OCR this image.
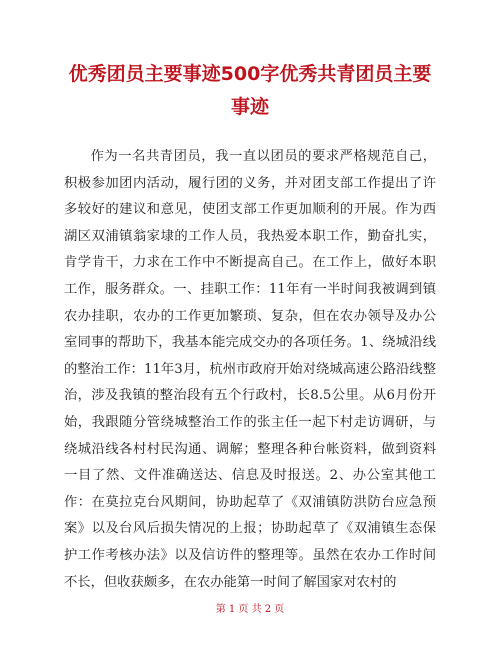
优秀团员主要事迹500字优秀共青团员主要事迹

作为一名共青团员，我一直以团员的要求严格规范自己，积极参加团内活动，履行团的义务，并对团支部工作提出了许多较好的建议和意见，使团支部工作更加顺利的开展。作为西湖区双浦镇翁家埭的工作人员，我热爱本职工作，勤奋扎实，肯学肯干，力求在工作中不断提高自己。在工作上，做好本职工作，服务群众。一、挂职工作：11年有一半时间我被调到镇农办挂职，农办的工作更加繁琐、复杂，但在农办领导及办公室同事的帮助下，我基本能完成交办的各项任务。1、绕城沿线的整治工作：11年3月，杭州市政府开始对绕城高速公路沿线整治，涉及我镇的整治段有五个行政村，长8.5公里。从6月份开始，我跟随分管绕城整治工作的张主任一起下村走访调研，与绕城沿线各村村民沟通、调解；整理各种台帐资料，做到资料一目了然、文件准确送达、信息及时报送。2、办公室其他工作：在莫拉克台风期间，协助起草了《双浦镇防洪防台应急预案》以及台风后损失情况的上报；协助起草了《双浦镇生态保护工作考核办法》以及信访件的整理等。虽然在农办工作时间不长，但收获颇多，在农办能第一时间了解国家对农村的

第 1 页 共 2 页
